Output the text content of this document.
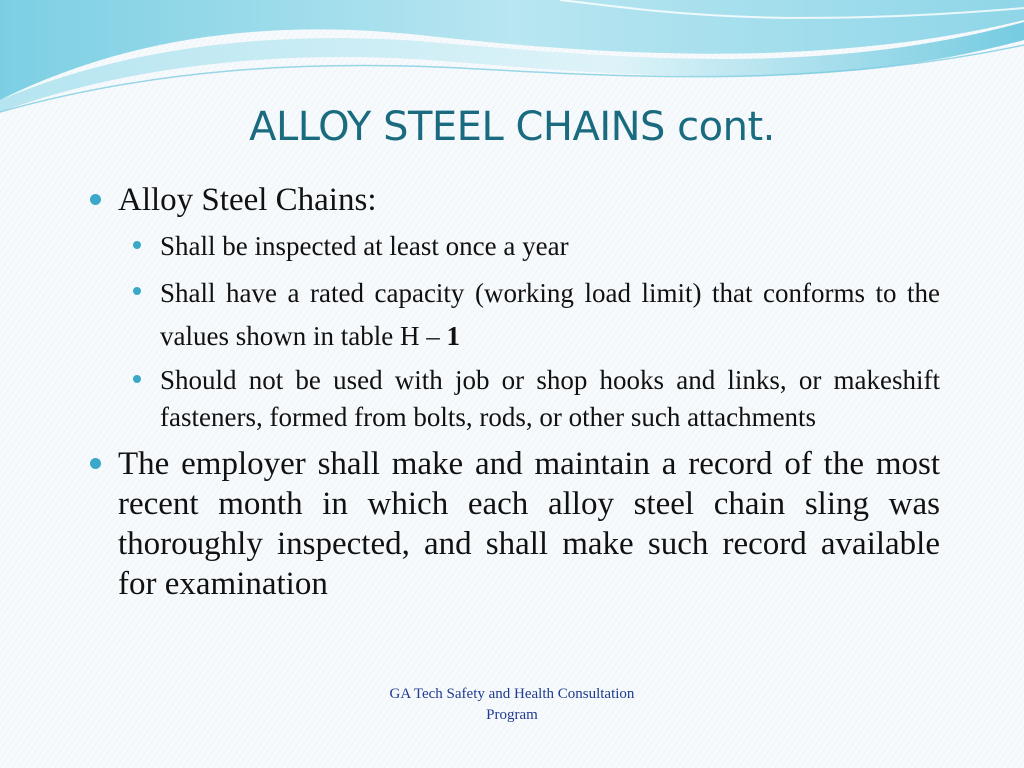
ALLOY STEEL CHAINS cont.
Alloy Steel Chains:
Shall be inspected at least once a year
Shall have a rated capacity (working load limit) that conforms to the values shown in table H – 1
Should not be used with job or shop hooks and links, or makeshift fasteners, formed from bolts, rods, or other such attachments
The employer shall make and maintain a record of the most recent month in which each alloy steel chain sling was thoroughly inspected, and shall make such record available for examination
GA Tech Safety and Health Consultation Program
